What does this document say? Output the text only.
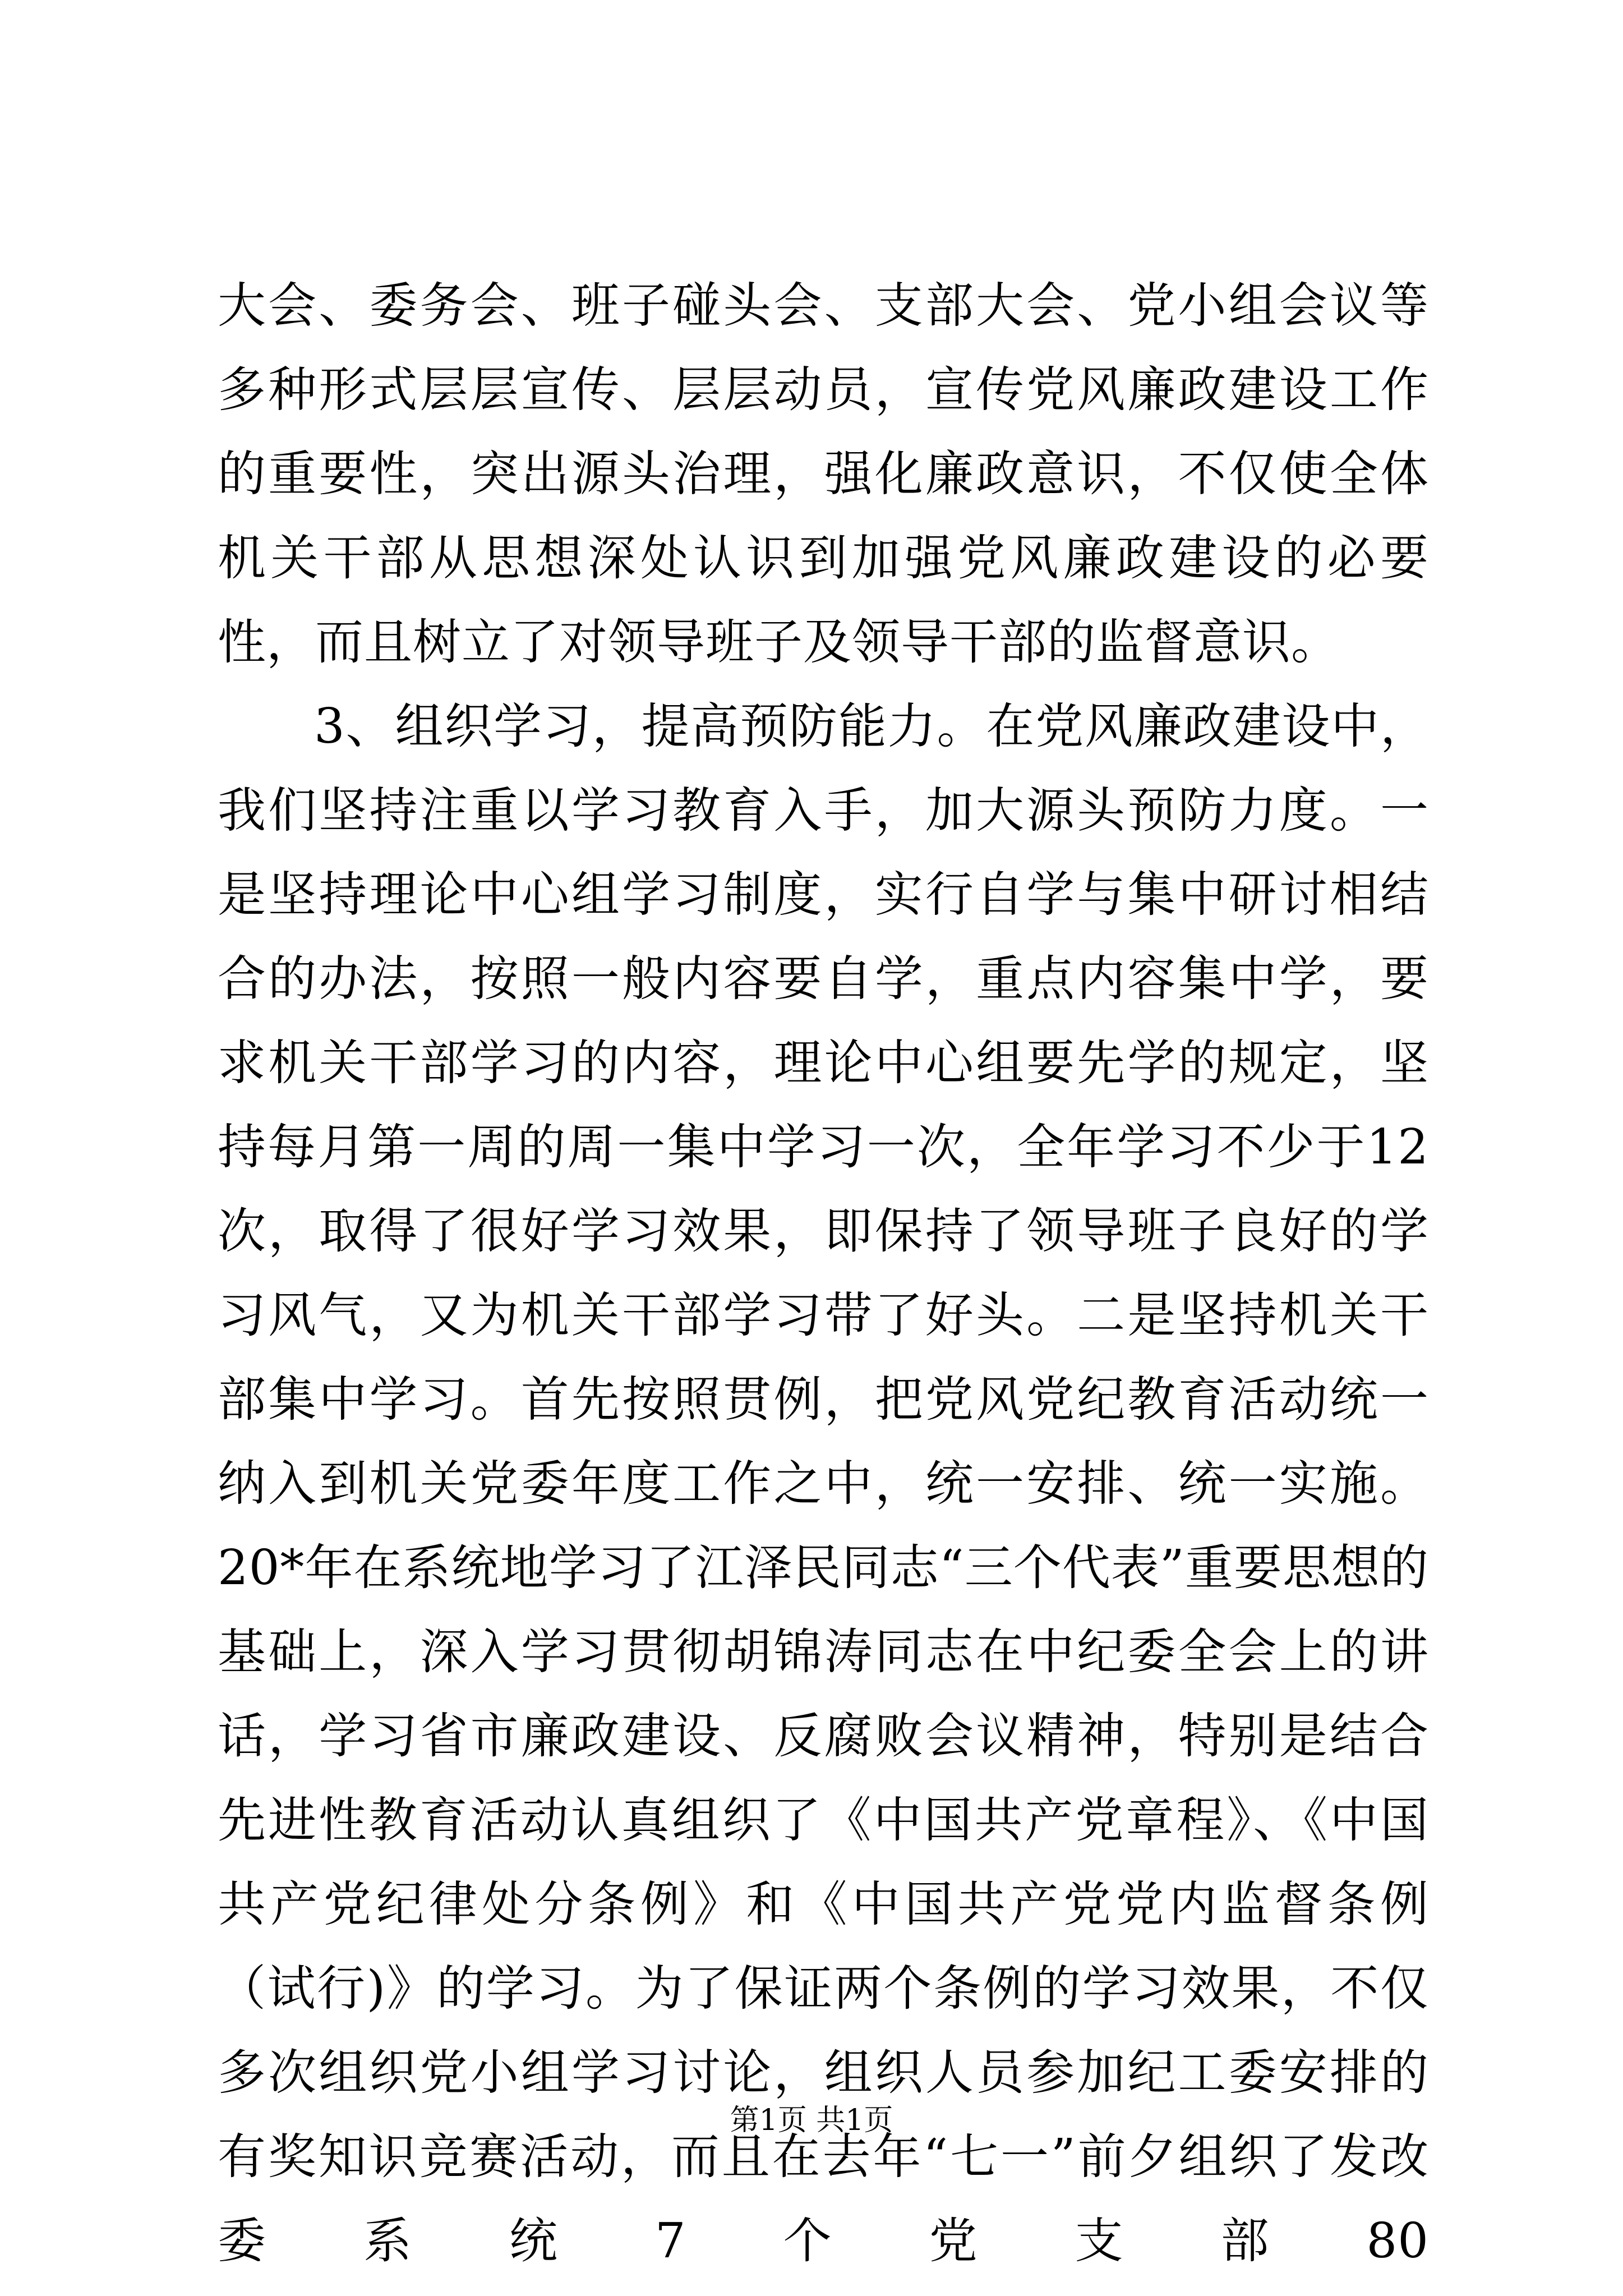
大会、委务会、班子碰头会、支部大会、党小组会议等多种形式层层宣传、层层动员，宣传党风廉政建设工作的重要性，突出源头治理，强化廉政意识，不仅使全体机关干部从思想深处认识到加强党风廉政建设的必要性，而且树立了对领导班子及领导干部的监督意识。

3、组织学习，提高预防能力。在党风廉政建设中，我们坚持注重以学习教育入手，加大源头预防力度。一是坚持理论中心组学习制度，实行自学与集中研讨相结合的办法，按照一般内容要自学，重点内容集中学，要求机关干部学习的内容，理论中心组要先学的规定，坚持每月第一周的周一集中学习一次，全年学习不少于12次，取得了很好学习效果，即保持了领导班子良好的学习风气，又为机关干部学习带了好头。二是坚持机关干部集中学习。首先按照贯例，把党风党纪教育活动统一纳入到机关党委年度工作之中，统一安排、统一实施。20*年在系统地学习了江泽民同志“三个代表”重要思想的基础上，深入学习贯彻胡锦涛同志在中纪委全会上的讲话，学习省市廉政建设、反腐败会议精神，特别是结合先进性教育活动认真组织了《中国共产党章程》、《中国共产党纪律处分条例》和《中国共产党党内监督条例（试行)》的学习。为了保证两个条例的学习效果，不仅多次组织党小组学习讨论，组织人员参加纪工委安排的有奖知识竞赛活动，而且在去年“七一”前夕组织了发改委系统7个党支部80

第1页 共1页
